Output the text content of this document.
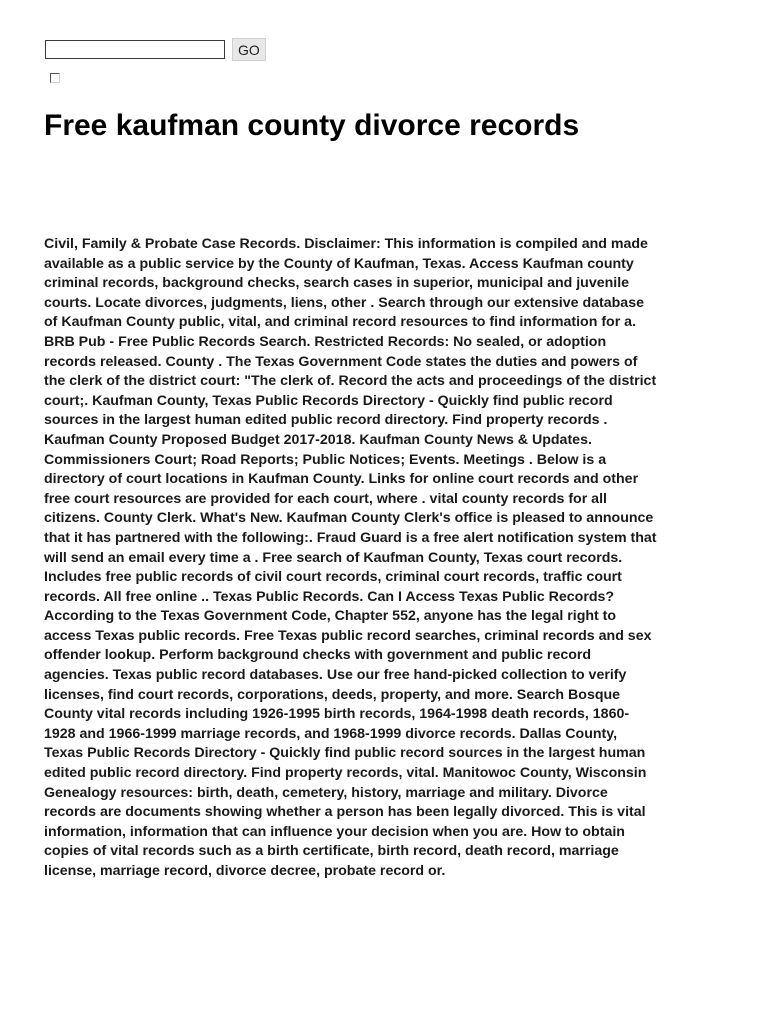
GO
Free kaufman county divorce records
Civil, Family & Probate Case Records. Disclaimer: This information is compiled and made
available as a public service by the County of Kaufman, Texas. Access Kaufman county
criminal records, background checks, search cases in superior, municipal and juvenile
courts. Locate divorces, judgments, liens, other . Search through our extensive database
of Kaufman County public, vital, and criminal record resources to find information for a.
BRB Pub - Free Public Records Search. Restricted Records: No sealed, or adoption
records released. County . The Texas Government Code states the duties and powers of
the clerk of the district court: "The clerk of. Record the acts and proceedings of the district
court;. Kaufman County, Texas Public Records Directory - Quickly find public record
sources in the largest human edited public record directory. Find property records .
Kaufman County Proposed Budget 2017-2018. Kaufman County News & Updates.
Commissioners Court; Road Reports; Public Notices; Events. Meetings . Below is a
directory of court locations in Kaufman County. Links for online court records and other
free court resources are provided for each court, where . vital county records for all
citizens. County Clerk. What's New. Kaufman County Clerk's office is pleased to announce
that it has partnered with the following:. Fraud Guard is a free alert notification system that
will send an email every time a . Free search of Kaufman County, Texas court records.
Includes free public records of civil court records, criminal court records, traffic court
records. All free online .. Texas Public Records. Can I Access Texas Public Records?
According to the Texas Government Code, Chapter 552, anyone has the legal right to
access Texas public records. Free Texas public record searches, criminal records and sex
offender lookup. Perform background checks with government and public record
agencies. Texas public record databases. Use our free hand-picked collection to verify
licenses, find court records, corporations, deeds, property, and more. Search Bosque
County vital records including 1926-1995 birth records, 1964-1998 death records, 1860-
1928 and 1966-1999 marriage records, and 1968-1999 divorce records. Dallas County,
Texas Public Records Directory - Quickly find public record sources in the largest human
edited public record directory. Find property records, vital. Manitowoc County, Wisconsin
Genealogy resources: birth, death, cemetery, history, marriage and military. Divorce
records are documents showing whether a person has been legally divorced. This is vital
information, information that can influence your decision when you are. How to obtain
copies of vital records such as a birth certificate, birth record, death record, marriage
license, marriage record, divorce decree, probate record or.
